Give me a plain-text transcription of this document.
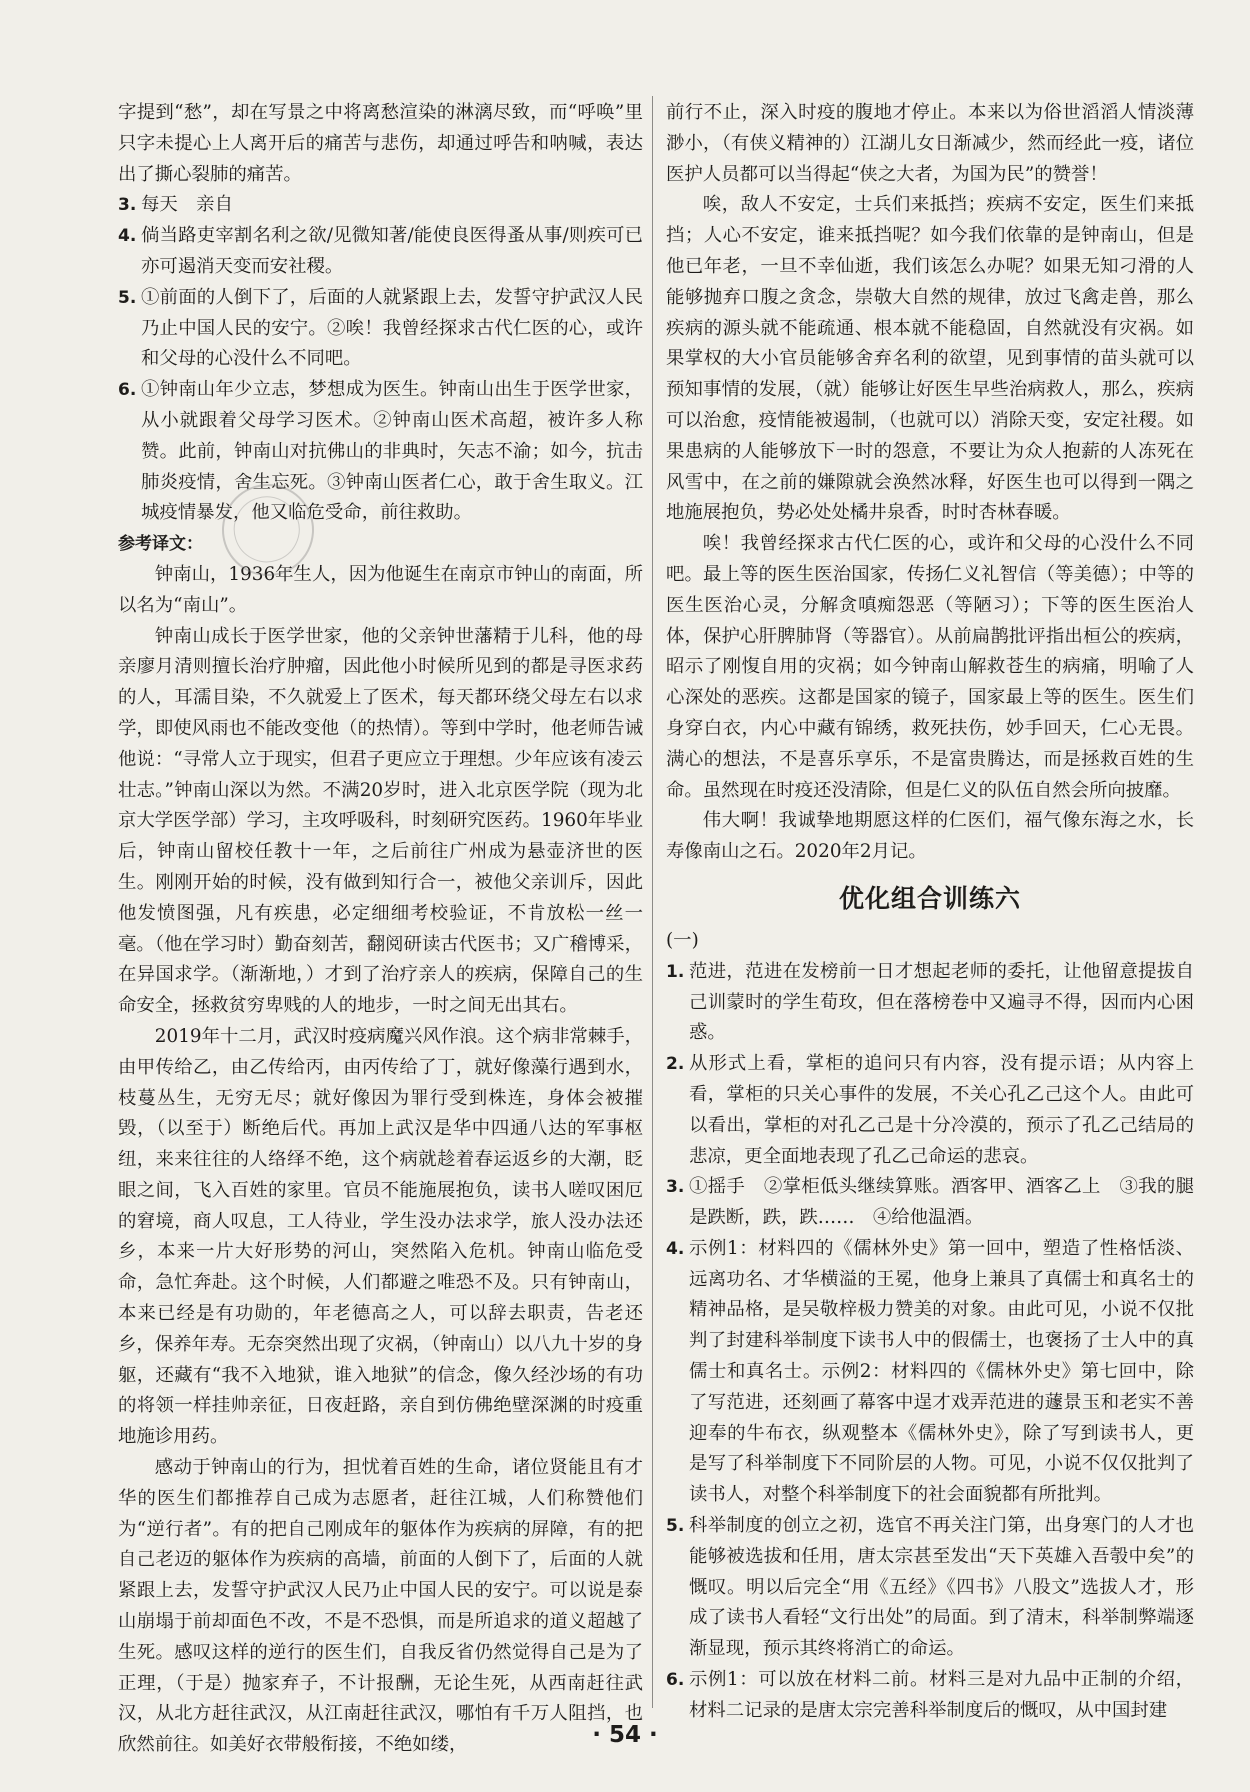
字提到“愁”，却在写景之中将离愁渲染的淋漓尽致，而“呼唤”里只字未提心上人离开后的痛苦与悲伤，却通过呼告和呐喊，表达出了撕心裂肺的痛苦。

3. 每天　亲自
4. 倘当路吏宰割名利之欲/见微知著/能使良医得蚤从事/则疾可已亦可遏消天变而安社稷。
5. ①前面的人倒下了，后面的人就紧跟上去，发誓守护武汉人民乃止中国人民的安宁。②唉！我曾经探求古代仁医的心，或许和父母的心没什么不同吧。
6. ①钟南山年少立志，梦想成为医生。钟南山出生于医学世家，从小就跟着父母学习医术。②钟南山医术高超，被许多人称赞。此前，钟南山对抗佛山的非典时，矢志不渝；如今，抗击肺炎疫情，舍生忘死。③钟南山医者仁心，敢于舍生取义。江城疫情暴发，他又临危受命，前往救助。

参考译文：

钟南山，1936年生人，因为他诞生在南京市钟山的南面，所以名为“南山”。

钟南山成长于医学世家，他的父亲钟世藩精于儿科，他的母亲廖月清则擅长治疗肿瘤，因此他小时候所见到的都是寻医求药的人，耳濡目染，不久就爱上了医术，每天都环绕父母左右以求学，即使风雨也不能改变他（的热情）。等到中学时，他老师告诫他说：“寻常人立于现实，但君子更应立于理想。少年应该有凌云壮志。”钟南山深以为然。不满20岁时，进入北京医学院（现为北京大学医学部）学习，主攻呼吸科，时刻研究医药。1960年毕业后，钟南山留校任教十一年，之后前往广州成为悬壶济世的医生。刚刚开始的时候，没有做到知行合一，被他父亲训斥，因此他发愤图强，凡有疾患，必定细细考校验证，不肯放松一丝一毫。（他在学习时）勤奋刻苦，翻阅研读古代医书；又广稽博采，在异国求学。（渐渐地，）才到了治疗亲人的疾病，保障自己的生命安全，拯救贫穷卑贱的人的地步，一时之间无出其右。

2019年十二月，武汉时疫病魔兴风作浪。这个病非常棘手，由甲传给乙，由乙传给丙，由丙传给了丁，就好像藻行遇到水，枝蔓丛生，无穷无尽；就好像因为罪行受到株连，身体会被摧毁，（以至于）断绝后代。再加上武汉是华中四通八达的军事枢纽，来来往往的人络绎不绝，这个病就趁着春运返乡的大潮，眨眼之间，飞入百姓的家里。官员不能施展抱负，读书人嗟叹困厄的窘境，商人叹息，工人待业，学生没办法求学，旅人没办法还乡，本来一片大好形势的河山，突然陷入危机。钟南山临危受命，急忙奔赴。这个时候，人们都避之唯恐不及。只有钟南山，本来已经是有功勋的，年老德高之人，可以辞去职责，告老还乡，保养年寿。无奈突然出现了灾祸，（钟南山）以八九十岁的身躯，还藏有“我不入地狱，谁入地狱”的信念，像久经沙场的有功的将领一样挂帅亲征，日夜赶路，亲自到仿佛绝壁深渊的时疫重地施诊用药。

感动于钟南山的行为，担忧着百姓的生命，诸位贤能且有才华的医生们都推荐自己成为志愿者，赶往江城，人们称赞他们为“逆行者”。有的把自己刚成年的躯体作为疾病的屏障，有的把自己老迈的躯体作为疾病的高墙，前面的人倒下了，后面的人就紧跟上去，发誓守护武汉人民乃止中国人民的安宁。可以说是泰山崩塌于前却面色不改，不是不恐惧，而是所追求的道义超越了生死。感叹这样的逆行的医生们，自我反省仍然觉得自己是为了正理，（于是）抛家弃子，不计报酬，无论生死，从西南赶往武汉，从北方赶往武汉，从江南赶往武汉，哪怕有千万人阻挡，也欣然前往。如美好衣带般衔接，不绝如缕，

前行不止，深入时疫的腹地才停止。本来以为俗世滔滔人情淡薄渺小，（有侠义精神的）江湖儿女日渐减少，然而经此一疫，诸位医护人员都可以当得起“侠之大者，为国为民”的赞誉！

唉，敌人不安定，士兵们来抵挡；疾病不安定，医生们来抵挡；人心不安定，谁来抵挡呢？如今我们依靠的是钟南山，但是他已年老，一旦不幸仙逝，我们该怎么办呢？如果无知刁滑的人能够抛弃口腹之贪念，崇敬大自然的规律，放过飞禽走兽，那么疾病的源头就不能疏通、根本就不能稳固，自然就没有灾祸。如果掌权的大小官员能够舍弃名利的欲望，见到事情的苗头就可以预知事情的发展，（就）能够让好医生早些治病救人，那么，疾病可以治愈，疫情能被遏制，（也就可以）消除天变，安定社稷。如果患病的人能够放下一时的怨意，不要让为众人抱薪的人冻死在风雪中，在之前的嫌隙就会涣然冰释，好医生也可以得到一隅之地施展抱负，势必处处橘井泉香，时时杏林春暖。

唉！我曾经探求古代仁医的心，或许和父母的心没什么不同吧。最上等的医生医治国家，传扬仁义礼智信（等美德）；中等的医生医治心灵，分解贪嗔痴怨恶（等陋习）；下等的医生医治人体，保护心肝脾肺肾（等器官）。从前扁鹊批评指出桓公的疾病，昭示了刚愎自用的灾祸；如今钟南山解救苍生的病痛，明喻了人心深处的恶疾。这都是国家的镜子，国家最上等的医生。医生们身穿白衣，内心中藏有锦绣，救死扶伤，妙手回天，仁心无畏。满心的想法，不是喜乐享乐，不是富贵腾达，而是拯救百姓的生命。虽然现在时疫还没清除，但是仁义的队伍自然会所向披靡。

伟大啊！我诚挚地期愿这样的仁医们，福气像东海之水，长寿像南山之石。2020年2月记。

优化组合训练六

(一)

1. 范进，范进在发榜前一日才想起老师的委托，让他留意提拔自己训蒙时的学生荀玫，但在落榜卷中又遍寻不得，因而内心困惑。
2. 从形式上看，掌柜的追问只有内容，没有提示语；从内容上看，掌柜的只关心事件的发展，不关心孔乙己这个人。由此可以看出，掌柜的对孔乙己是十分冷漠的，预示了孔乙己结局的悲凉，更全面地表现了孔乙己命运的悲哀。
3. ①摇手　②掌柜低头继续算账。酒客甲、酒客乙上　③我的腿是跌断，跌，跌……　④给他温酒。
4. 示例1：材料四的《儒林外史》第一回中，塑造了性格恬淡、远离功名、才华横溢的王冕，他身上兼具了真儒士和真名士的精神品格，是吴敬梓极力赞美的对象。由此可见，小说不仅批判了封建科举制度下读书人中的假儒士，也褒扬了士人中的真儒士和真名士。示例2：材料四的《儒林外史》第七回中，除了写范进，还刻画了幕客中逞才戏弄范进的蘧景玉和老实不善迎奉的牛布衣，纵观整本《儒林外史》，除了写到读书人，更是写了科举制度下不同阶层的人物。可见，小说不仅仅批判了读书人，对整个科举制度下的社会面貌都有所批判。
5. 科举制度的创立之初，选官不再关注门第，出身寒门的人才也能够被选拔和任用，唐太宗甚至发出“天下英雄入吾彀中矣”的慨叹。明以后完全“用《五经》《四书》八股文”选拔人才，形成了读书人看轻“文行出处”的局面。到了清末，科举制弊端逐渐显现，预示其终将消亡的命运。
6. 示例1：可以放在材料二前。材料三是对九品中正制的介绍，材料二记录的是唐太宗完善科举制度后的慨叹，从中国封建
· 54 ·
